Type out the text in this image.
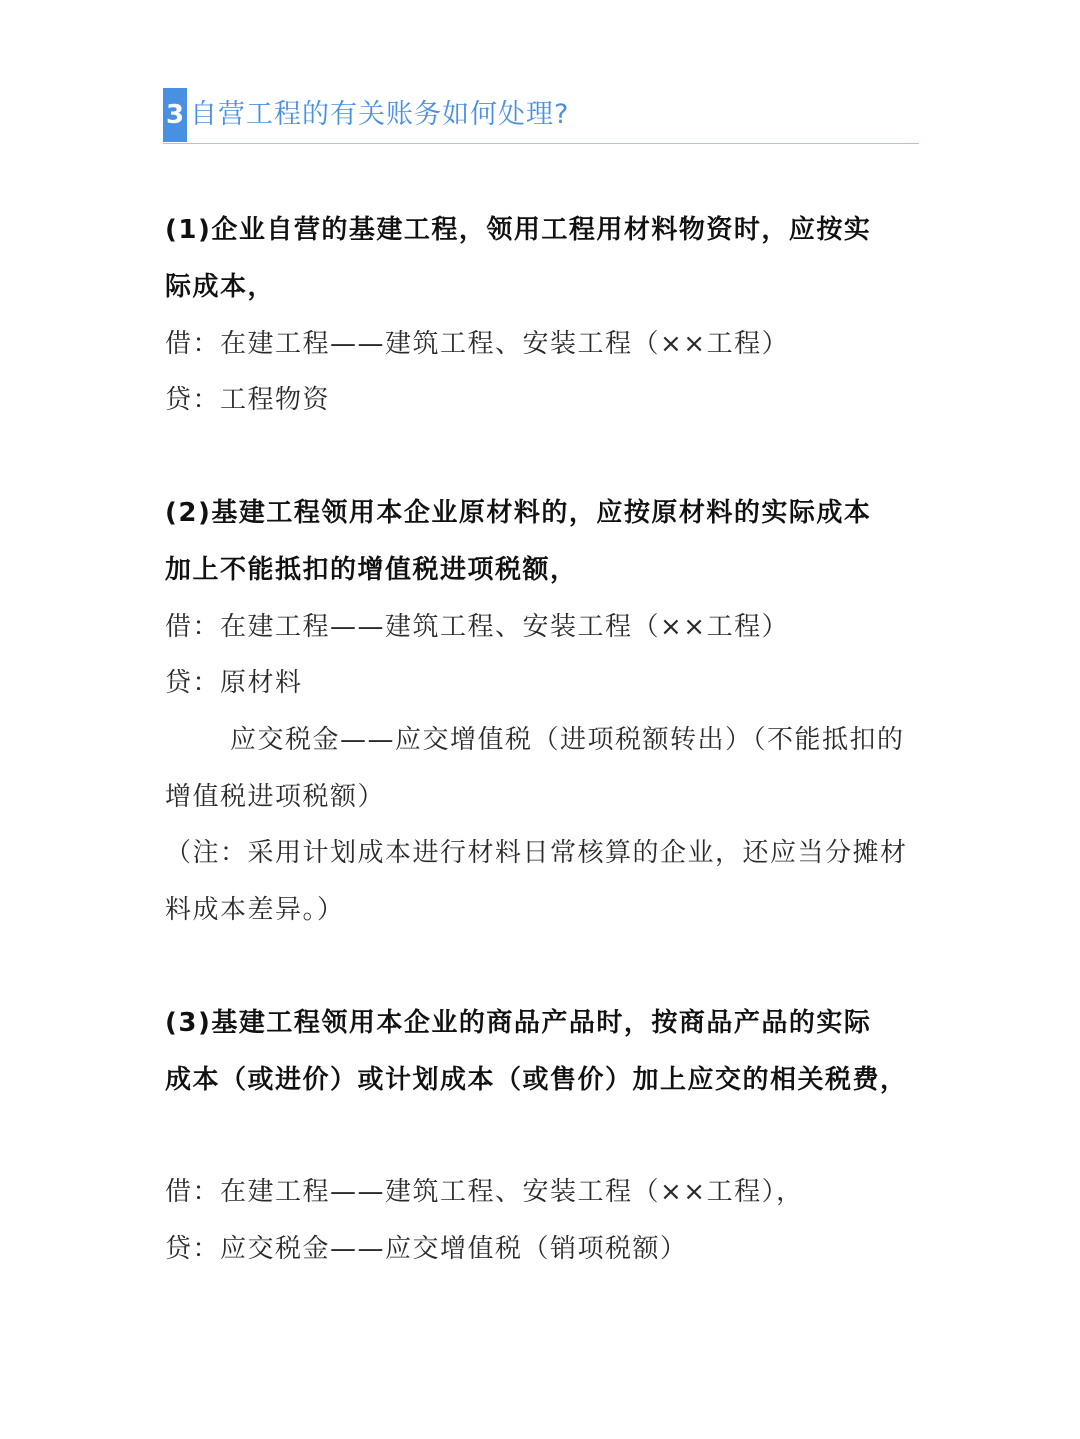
3 自营工程的有关账务如何处理?
(1)企业自营的基建工程，领用工程用材料物资时，应按实
际成本，
借：在建工程——建筑工程、安装工程（××工程）
贷：工程物资
(2)基建工程领用本企业原材料的，应按原材料的实际成本
加上不能抵扣的增值税进项税额，
借：在建工程——建筑工程、安装工程（××工程）
贷：原材料
应交税金——应交增值税（进项税额转出）（不能抵扣的
增值税进项税额）
（注：采用计划成本进行材料日常核算的企业，还应当分摊材
料成本差异。）
(3)基建工程领用本企业的商品产品时，按商品产品的实际
成本（或进价）或计划成本（或售价）加上应交的相关税费，
借：在建工程——建筑工程、安装工程（××工程），
贷：应交税金——应交增值税（销项税额）
